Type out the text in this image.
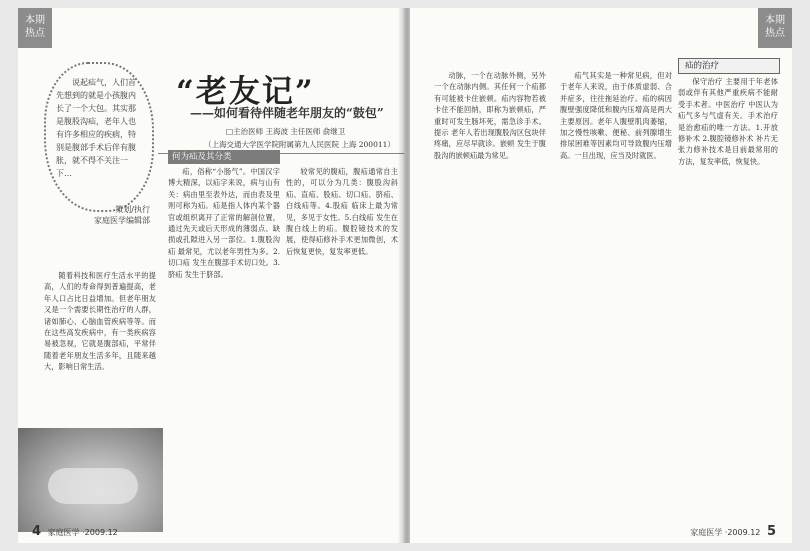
本期
热点
说起疝气，人们首先想到的就是小孩腹内长了一个大包。其实那是腹股沟疝，老年人也有许多相应的疾病，特别是腹部手术后伴有腹胀，就不得不关注一下…
策划/执行
家庭医学编辑部
“老友记”
——如何看待伴随老年朋友的“鼓包”
□主治医师 王海波 主任医师 俞继卫
（上海交通大学医学院附属第九人民医院 上海 200011）
随着科技和医疗生活水平的提高，人们的寿命得到普遍提高，老年人口占比日益增加。但老年朋友又是一个需要长期性治疗的人群，诸如肺心、心脑血管疾病等等。而在这些高发疾病中，有一类疾病容易被忽视，它就是腹部疝，平常伴随着老年朋友生活多年，且随来越大，影响日常生活。
何为疝及其分类
疝，俗称“小肠气”。中国汉字博大精深，以疝字来说，病与山有关：病由里至表外达，而由表及里则可称为疝。疝是指人体内某个器官或组织离开了正常的解剖位置，通过先天或后天形成的薄弱点、缺损或孔隙进入另一部位。1.腹股沟疝 最常见，尤以老年男性为多。2.切口疝 发生在腹部手术切口处。3.脐疝 发生于脐部。
较常见的腹疝，腹疝通常自主性的，可以分为几类：腹股沟斜疝、直疝、股疝、切口疝、脐疝、白线疝等。4.股疝 临床上最为常见，多见于女性。5.白线疝 发生在腹白线上的疝。腹腔镜技术的发展，使得疝修补手术更加微创，术后恢复更快，复发率更低。
4 家庭医学 ·2009.12
本期
热点
动脉，一个在动脉外侧，另外一个在动脉内侧。其任何一个疝都有可能被卡住嵌顿。疝内容物若被卡住不能回纳，即称为嵌顿疝，严重时可发生肠坏死，需急诊手术。提示 老年人若出现腹股沟区包块伴疼痛，应尽早就诊。嵌顿 发生于腹股沟的嵌顿疝最为常见。
疝气其实是一种常见病，但对于老年人来说，由于体质虚弱、合并症多，往往拖延治疗。疝的病因 腹壁强度降低和腹内压增高是两大主要原因。老年人腹壁肌肉萎缩，加之慢性咳嗽、便秘、前列腺增生排尿困难等因素均可导致腹内压增高。一旦出现，应当及时就医。
疝的治疗
保守治疗 主要用于年老体弱或伴有其他严重疾病不能耐受手术者。中医治疗 中医认为疝气多与气虚有关。手术治疗 是治愈疝的唯一方法。1.开放修补术 2.腹腔镜修补术 补片无张力修补技术是目前最常用的方法，复发率低，恢复快。
家庭医学 ·2009.12 5
